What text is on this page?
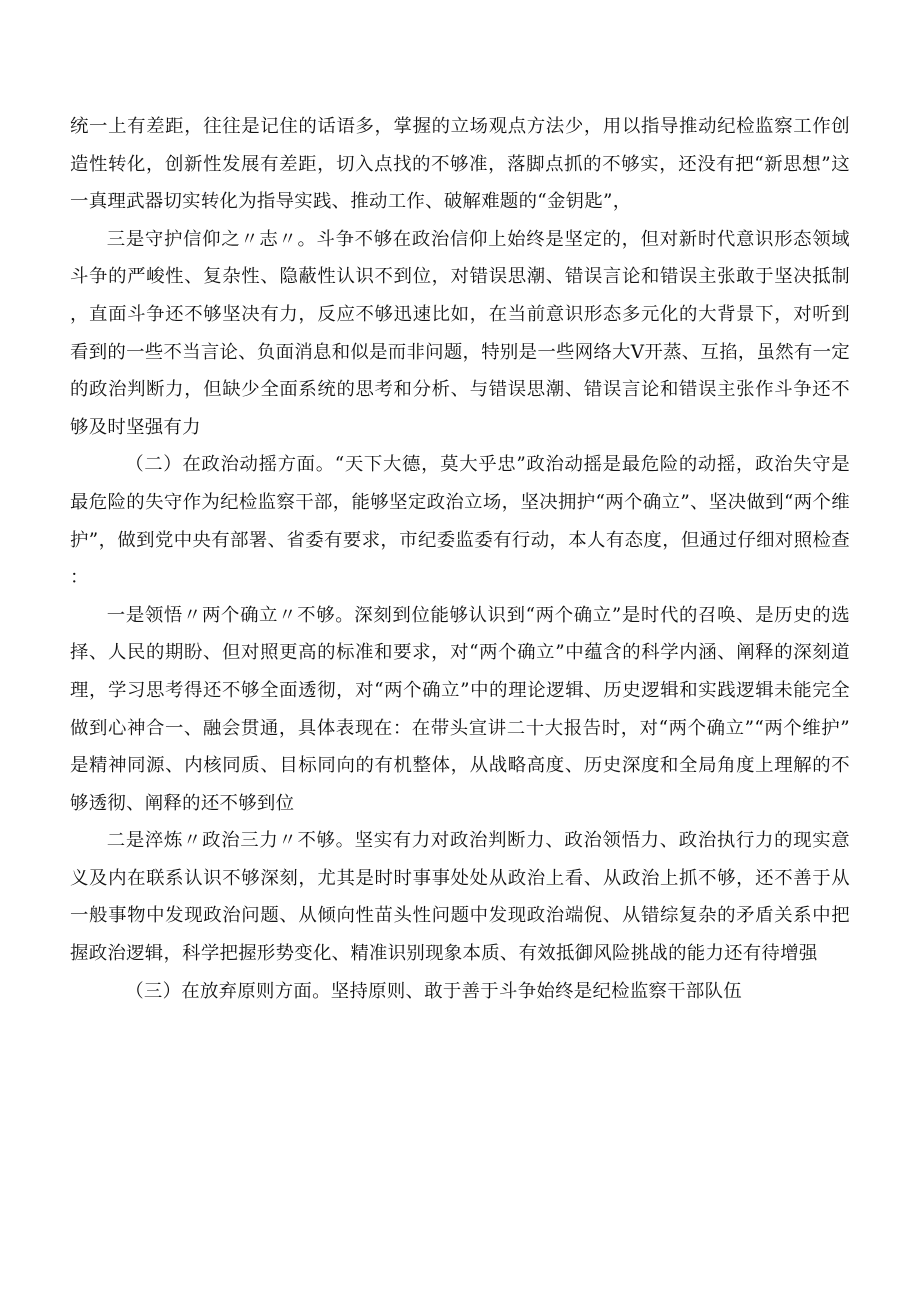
统一上有差距，往往是记住的话语多，掌握的立场观点方法少，用以指导推动纪检监察工作创造性转化，创新性发展有差距，切入点找的不够准，落脚点抓的不够实，还没有把“新思想”这一真理武器切实转化为指导实践、推动工作、破解难题的“金钥匙”，

三是守护信仰之〃志〃。斗争不够在政治信仰上始终是坚定的，但对新时代意识形态领域斗争的严峻性、复杂性、隐蔽性认识不到位，对错误思潮、错误言论和错误主张敢于坚决抵制，直面斗争还不够坚决有力，反应不够迅速比如，在当前意识形态多元化的大背景下，对听到看到的一些不当言论、负面消息和似是而非问题，特别是一些网络大V开蒸、互掐，虽然有一定的政治判断力，但缺少全面系统的思考和分析、与错误思潮、错误言论和错误主张作斗争还不够及时坚强有力

（二）在政治动摇方面。“天下大德，莫大乎忠”政治动摇是最危险的动摇，政治失守是最危险的失守作为纪检监察干部，能够坚定政治立场，坚决拥护“两个确立”、坚决做到“两个维护”，做到党中央有部署、省委有要求，市纪委监委有行动，本人有态度，但通过仔细对照检查：

一是领悟〃两个确立〃不够。深刻到位能够认识到“两个确立”是时代的召唤、是历史的选择、人民的期盼、但对照更高的标准和要求，对“两个确立”中蕴含的科学内涵、阐释的深刻道理，学习思考得还不够全面透彻，对“两个确立”中的理论逻辑、历史逻辑和实践逻辑未能完全做到心神合一、融会贯通，具体表现在：在带头宣讲二十大报告时，对“两个确立”“两个维护”是精神同源、内核同质、目标同向的有机整体，从战略高度、历史深度和全局角度上理解的不够透彻、阐释的还不够到位

二是淬炼〃政治三力〃不够。坚实有力对政治判断力、政治领悟力、政治执行力的现实意义及内在联系认识不够深刻，尤其是时时事事处处从政治上看、从政治上抓不够，还不善于从一般事物中发现政治问题、从倾向性苗头性问题中发现政治端倪、从错综复杂的矛盾关系中把握政治逻辑，科学把握形势变化、精准识别现象本质、有效抵御风险挑战的能力还有待增强

（三）在放弃原则方面。坚持原则、敢于善于斗争始终是纪检监察干部队伍
